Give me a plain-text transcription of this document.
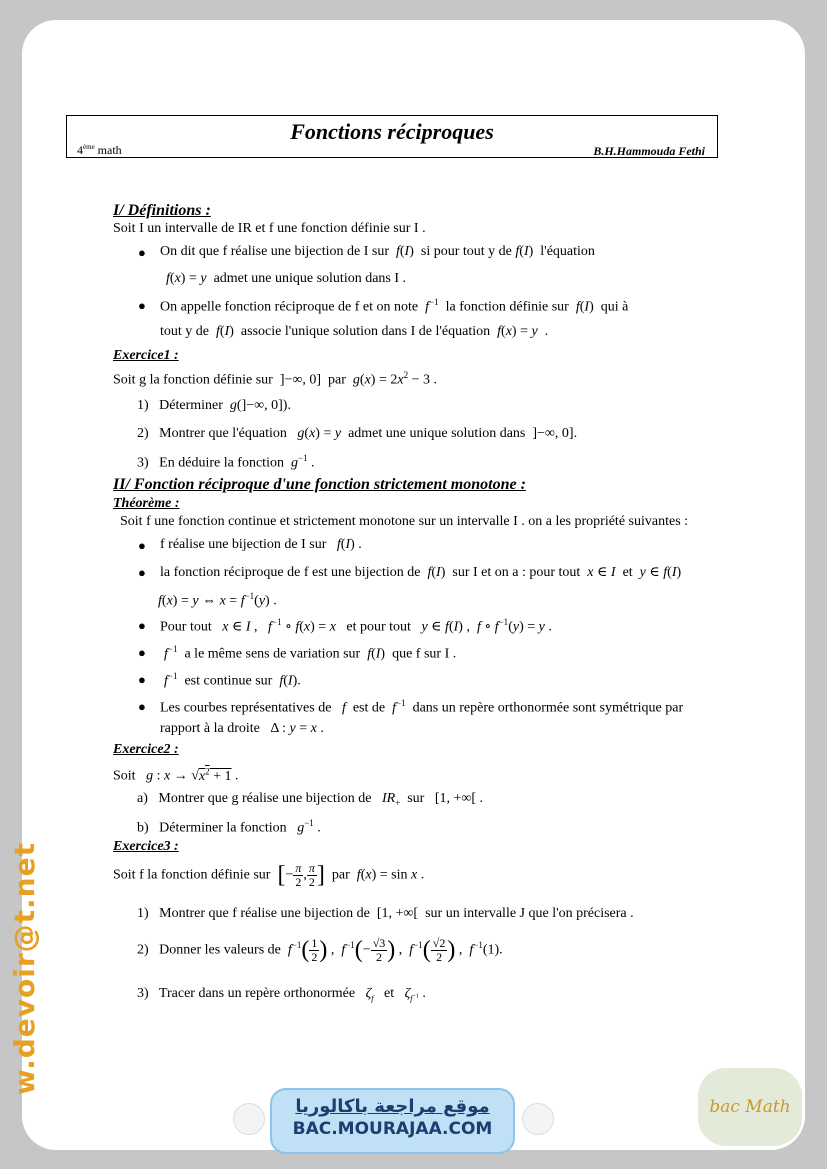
Fonctions réciproques
4ème math	B.H.Hammouda Fethi
I/ Définitions :
Soit I un intervalle de IR et f une fonction définie sur I .
● On dit que f réalise une bijection de I sur f(I)  si pour tout y de f(I)  l'équation
f(x) = y admet une unique solution dans I .
● On appelle fonction réciproque de f et on note $f^{-1}$ la fonction définie sur f(I)  qui à
tout y de f(I)  associe l'unique solution dans I de l'équation f(x) = y  .
Exercice1 :
Soit g la fonction définie sur  ]−∞, 0]  par $g(x) = 2x^2 - 3$ .
1) Déterminer g(]−∞, 0]).
2) Montrer que l'équation g(x) = y admet une unique solution dans  ]−∞, 0].
3) En déduire la fonction $g^{-1}$ .
II/ Fonction réciproque d'une fonction strictement monotone :
Théorème :
Soit f une fonction continue et strictement monotone sur un intervalle I . on a les propriété suivantes :
● f réalise une bijection de I sur f(I) .
● la fonction réciproque de f est une bijection de f(I)  sur I et on a : pour tout x ∈ I et y ∈ f(I)
f(x) = y ⇔ $x = f^{-1}(y)$ .
● Pour tout x ∈ I ,   $f^{-1}$ ∘ f(x) = x et pour tout y ∈ f(I) ,  f ∘ $f^{-1}(y) = y$ .
● $f^{-1}$ a le même sens de variation sur f(I)  que f sur I .
● $f^{-1}$ est continue sur f(I).
● Les courbes représentatives de f est de $f^{-1}$ dans un repère orthonormée sont symétrique par
rapport à la droite   Δ : y = x .
Exercice2 :
Soit g : $x \to √x^2 + 1$ .
a) Montrer que g réalise une bijection de $IR_+$ sur   [1, +∞[ .
b) Déterminer la fonction $g^{-1}$ .
Exercice3 :
Soit f la fonction définie sur [− $\frac{\pi}{2}$ , $\frac{\pi}{2}$ ] par f(x) = sin x .
1) Montrer que f réalise une bijection de  [1, +∞[  sur un intervalle J que l'on précisera .
2) Donner les valeurs de $f^{-1}( \frac{1}{2}$ ) ,  $f^{-1}(- \frac{√3}{2}$ ) ,  $f^{-1}( \frac{√2}{2}$ ) ,  $f^{-1}(1)$.
3) Tracer dans un repère orthonormée $\zeta_f$ et $\zeta_{f^{-1}}$ .
w.devoir@t.net
موقع مراجعة باكالوريا
BAC.MOURAJAA.COM
bac Math
